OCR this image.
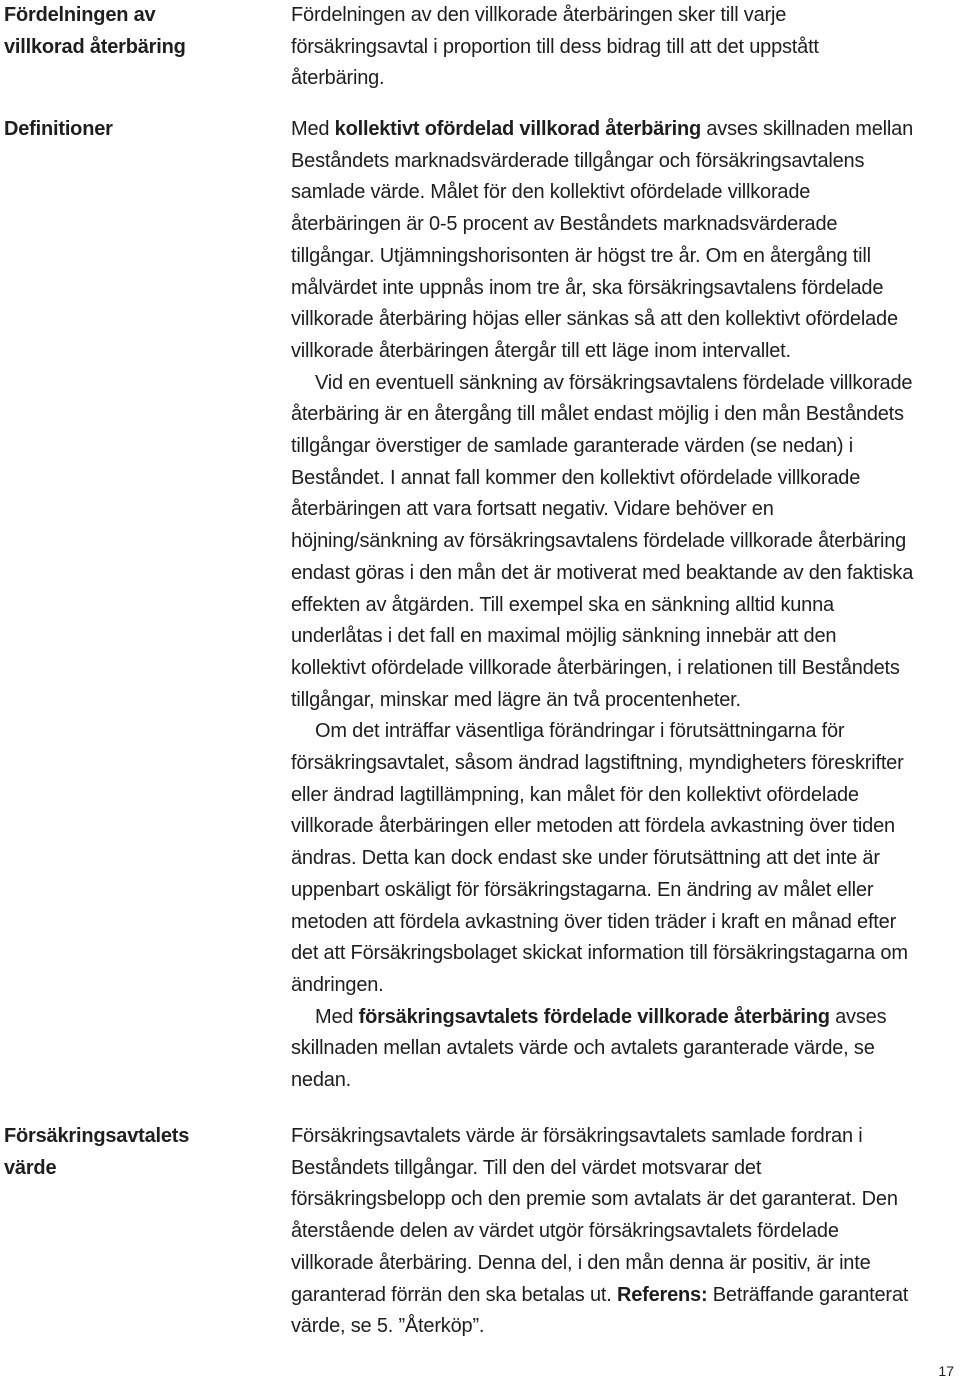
Fördelningen av villkorad återbäring

Fördelningen av den villkorade återbäringen sker till varje försäkringsavtal i proportion till dess bidrag till att det uppstått återbäring.

Definitioner	Med kollektivt ofördelad villkorad återbäring avses skillnaden mellan Beståndets marknadsvärderade tillgångar och försäkringsavtalens samlade värde. Målet för den kollektivt ofördelade villkorade återbäringen är 0-5 procent av Beståndets marknadsvärderade tillgångar. Utjämningshorisonten är högst tre år. Om en återgång till målvärdet inte uppnås inom tre år, ska försäkringsavtalens fördelade villkorade återbäring höjas eller sänkas så att den kollektivt ofördelade villkorade återbäringen återgår till ett läge inom intervallet.

Vid en eventuell sänkning av försäkringsavtalens fördelade villkorade återbäring är en återgång till målet endast möjlig i den mån Beståndets tillgångar överstiger de samlade garanterade värden (se nedan) i Beståndet. I annat fall kommer den kollektivt ofördelade villkorade återbäringen att vara fortsatt negativ. Vidare behöver en höjning/sänkning av försäkringsavtalens fördelade villkorade återbäring endast göras i den mån det är motiverat med beaktande av den faktiska effekten av åtgärden. Till exempel ska en sänkning alltid kunna underlåtas i det fall en maximal möjlig sänkning innebär att den kollektivt ofördelade villkorade återbäringen, i relationen till Beståndets tillgångar, minskar med lägre än två procentenheter.

Om det inträffar väsentliga förändringar i förutsättningarna för försäkringsavtalet, såsom ändrad lagstiftning, myndigheters föreskrifter eller ändrad lagtillämpning, kan målet för den kollektivt ofördelade villkorade återbäringen eller metoden att fördela avkastning över tiden ändras. Detta kan dock endast ske under förutsättning att det inte är uppenbart oskäligt för försäkringstagarna. En ändring av målet eller metoden att fördela avkastning över tiden träder i kraft en månad efter det att Försäkringsbolaget skickat information till försäkringstagarna om ändringen.

Med försäkringsavtalets fördelade villkorade återbäring avses skillnaden mellan avtalets värde och avtalets garanterade värde, se nedan.

Försäkringsavtalets värde

Försäkringsavtalets värde är försäkringsavtalets samlade fordran i Beståndets tillgångar. Till den del värdet motsvarar det försäkringsbelopp och den premie som avtalats är det garanterat. Den återstående delen av värdet utgör försäkringsavtalets fördelade villkorade återbäring. Denna del, i den mån denna är positiv, är inte garanterad förrän den ska betalas ut. Referens: Beträffande garanterat värde, se 5. ”Återköp”.

17
